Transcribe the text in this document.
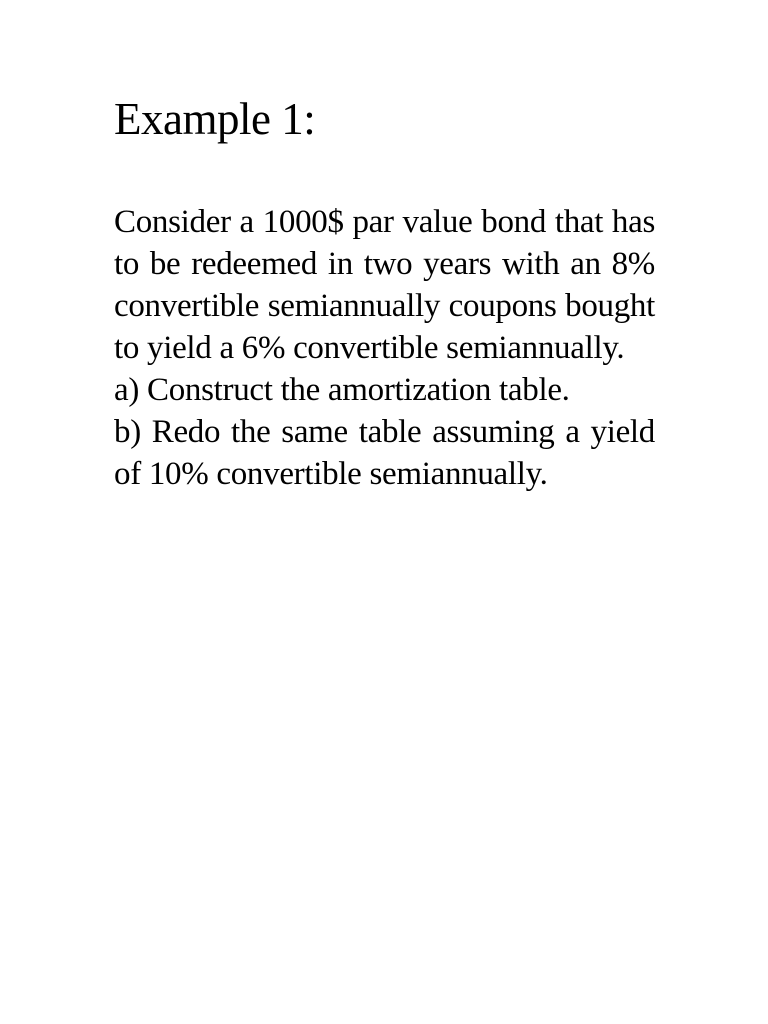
Example 1:

Consider a 1000$ par value bond that has to be redeemed in two years with an 8% convertible semiannually coupons bought to yield a 6% convertible semiannually.

a) Construct the amortization table.

b) Redo the same table assuming a yield of 10% convertible semiannually.
